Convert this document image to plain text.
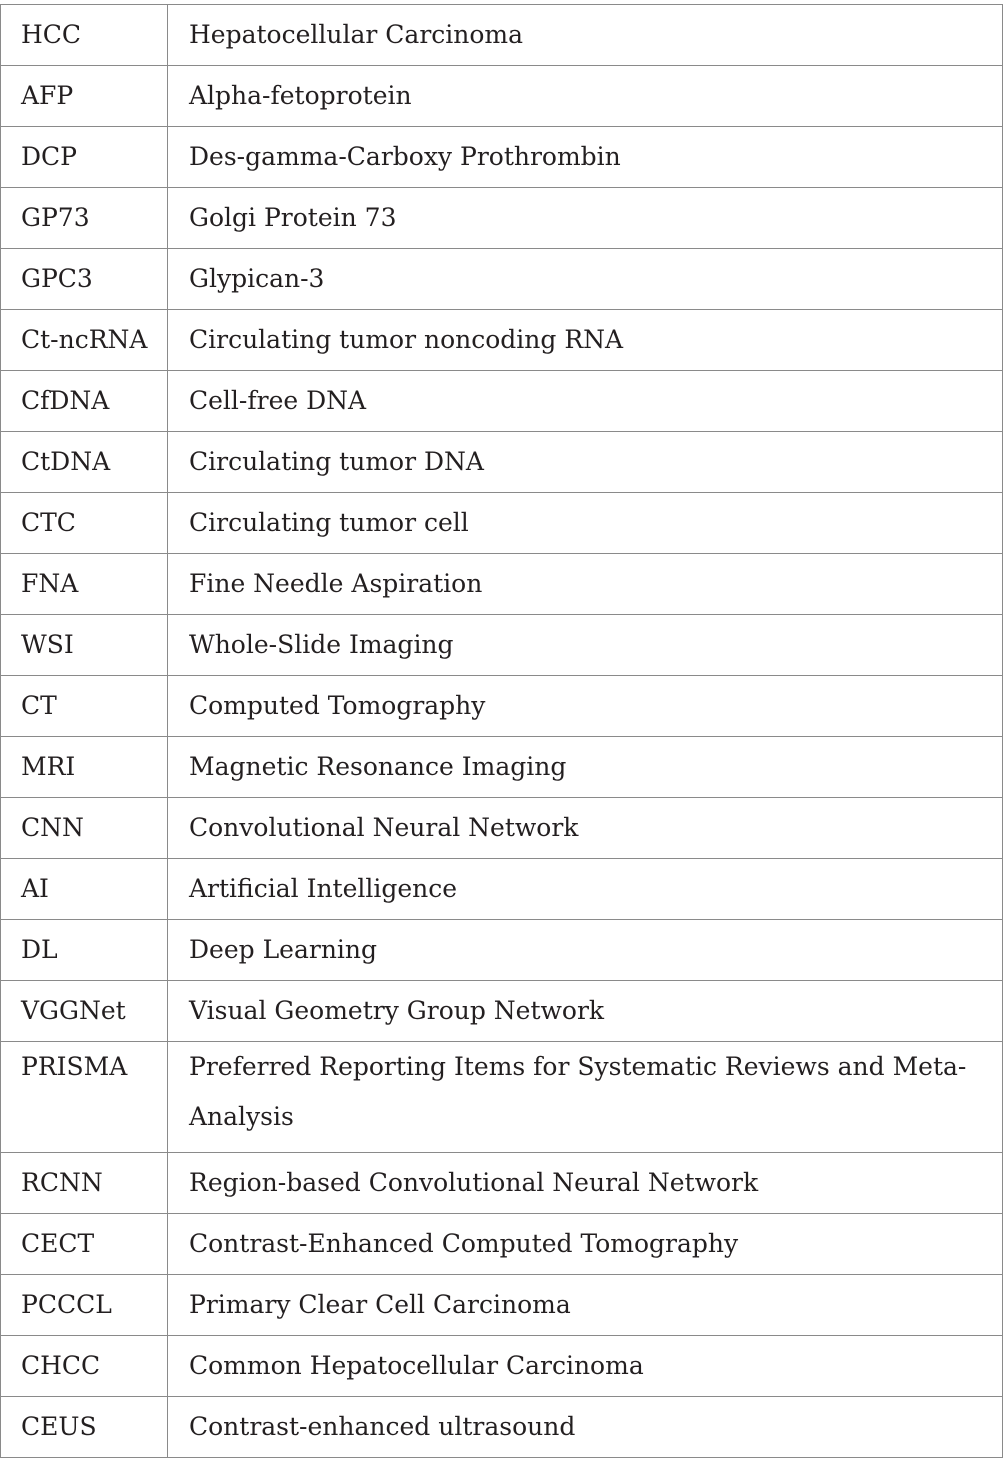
HCC	Hepatocellular Carcinoma
AFP	Alpha-fetoprotein
DCP	Des-gamma-Carboxy Prothrombin
GP73	Golgi Protein 73
GPC3	Glypican-3
Ct-ncRNA	Circulating tumor noncoding RNA
CfDNA	Cell-free DNA
CtDNA	Circulating tumor DNA
CTC	Circulating tumor cell
FNA	Fine Needle Aspiration
WSI	Whole-Slide Imaging
CT	Computed Tomography
MRI	Magnetic Resonance Imaging
CNN	Convolutional Neural Network
AI	Artificial Intelligence
DL	Deep Learning
VGGNet	Visual Geometry Group Network
PRISMA	Preferred Reporting Items for Systematic Reviews and Meta-Analysis
RCNN	Region-based Convolutional Neural Network
CECT	Contrast-Enhanced Computed Tomography
PCCCL	Primary Clear Cell Carcinoma
CHCC	Common Hepatocellular Carcinoma
CEUS	Contrast-enhanced ultrasound
